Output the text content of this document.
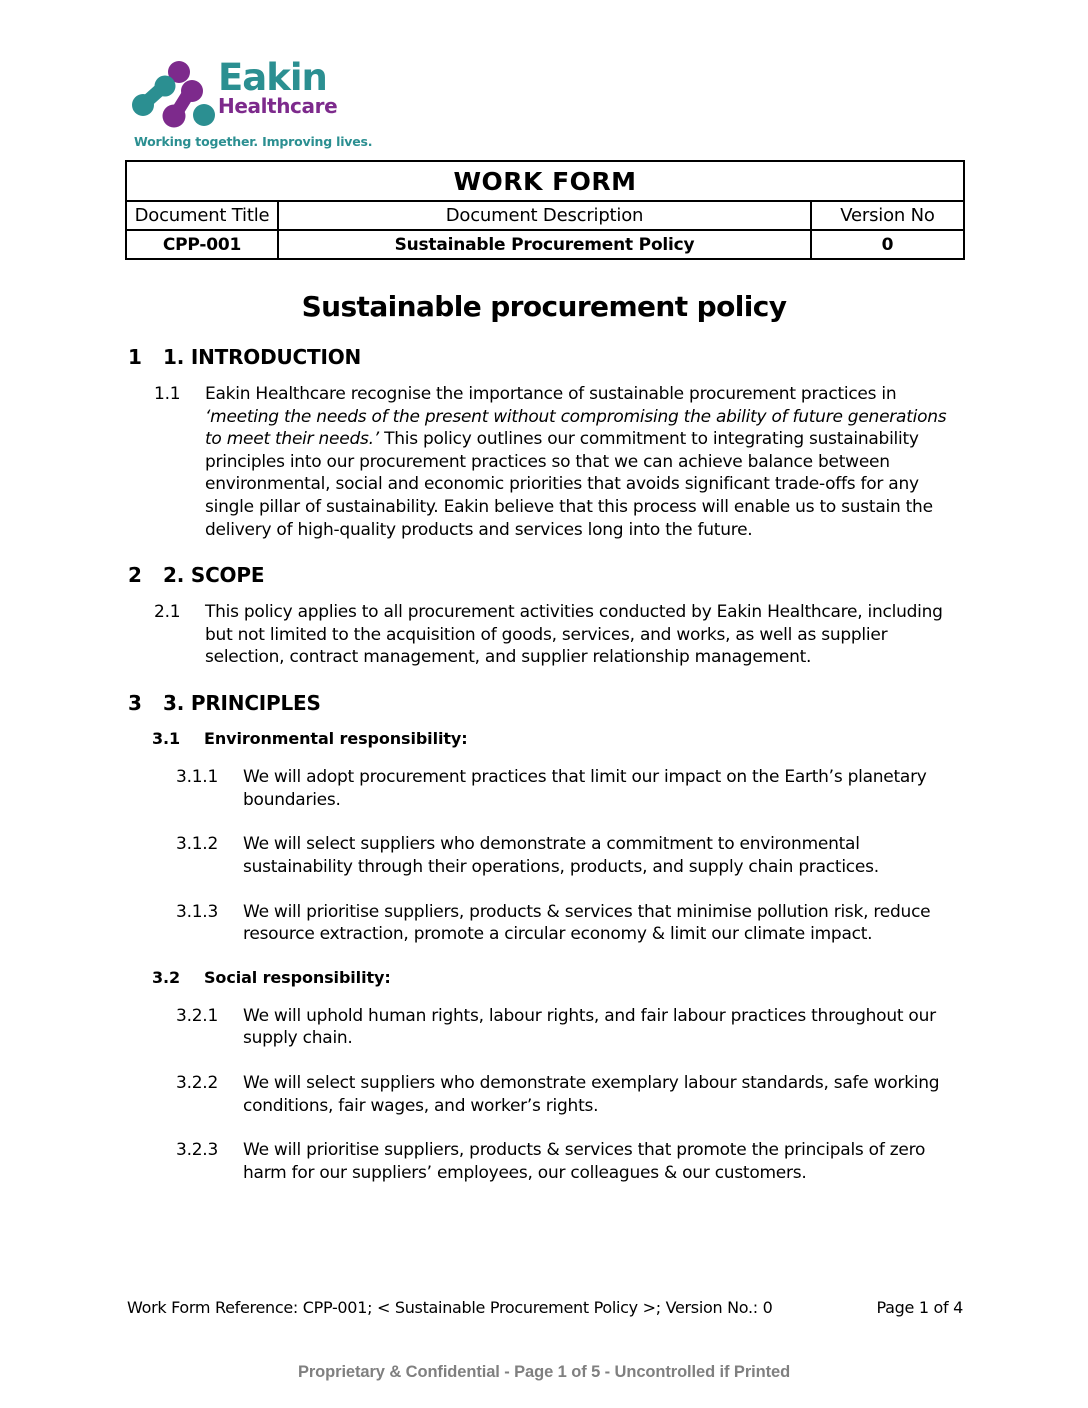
Eakin
Healthcare
Working together. Improving lives.
WORK FORM		
Document Title	Document Description	Version No
CPP-001	Sustainable Procurement Policy	0
Sustainable procurement policy
1	1. INTRODUCTION
1.1	Eakin Healthcare recognise the importance of sustainable procurement practices in ‘meeting the needs of the present without compromising the ability of future generations to meet their needs.’ This policy outlines our commitment to integrating sustainability principles into our procurement practices so that we can achieve balance between environmental, social and economic priorities that avoids significant trade-offs for any single pillar of sustainability. Eakin believe that this process will enable us to sustain the delivery of high-quality products and services long into the future.
2	2. SCOPE
2.1	This policy applies to all procurement activities conducted by Eakin Healthcare, including but not limited to the acquisition of goods, services, and works, as well as supplier selection, contract management, and supplier relationship management.
3	3. PRINCIPLES
3.1	Environmental responsibility:
3.1.1	We will adopt procurement practices that limit our impact on the Earth’s planetary boundaries.
3.1.2	We will select suppliers who demonstrate a commitment to environmental sustainability through their operations, products, and supply chain practices.
3.1.3	We will prioritise suppliers, products & services that minimise pollution risk, reduce resource extraction, promote a circular economy & limit our climate impact.
3.2	Social responsibility:
3.2.1	We will uphold human rights, labour rights, and fair labour practices throughout our supply chain.
3.2.2	We will select suppliers who demonstrate exemplary labour standards, safe working conditions, fair wages, and worker’s rights.
3.2.3	We will prioritise suppliers, products & services that promote the principals of zero harm for our suppliers’ employees, our colleagues & our customers.
Work Form Reference: CPP-001; < Sustainable Procurement Policy >; Version No.: 0	Page 1 of 4
Proprietary & Confidential - Page 1 of 5 - Uncontrolled if Printed
